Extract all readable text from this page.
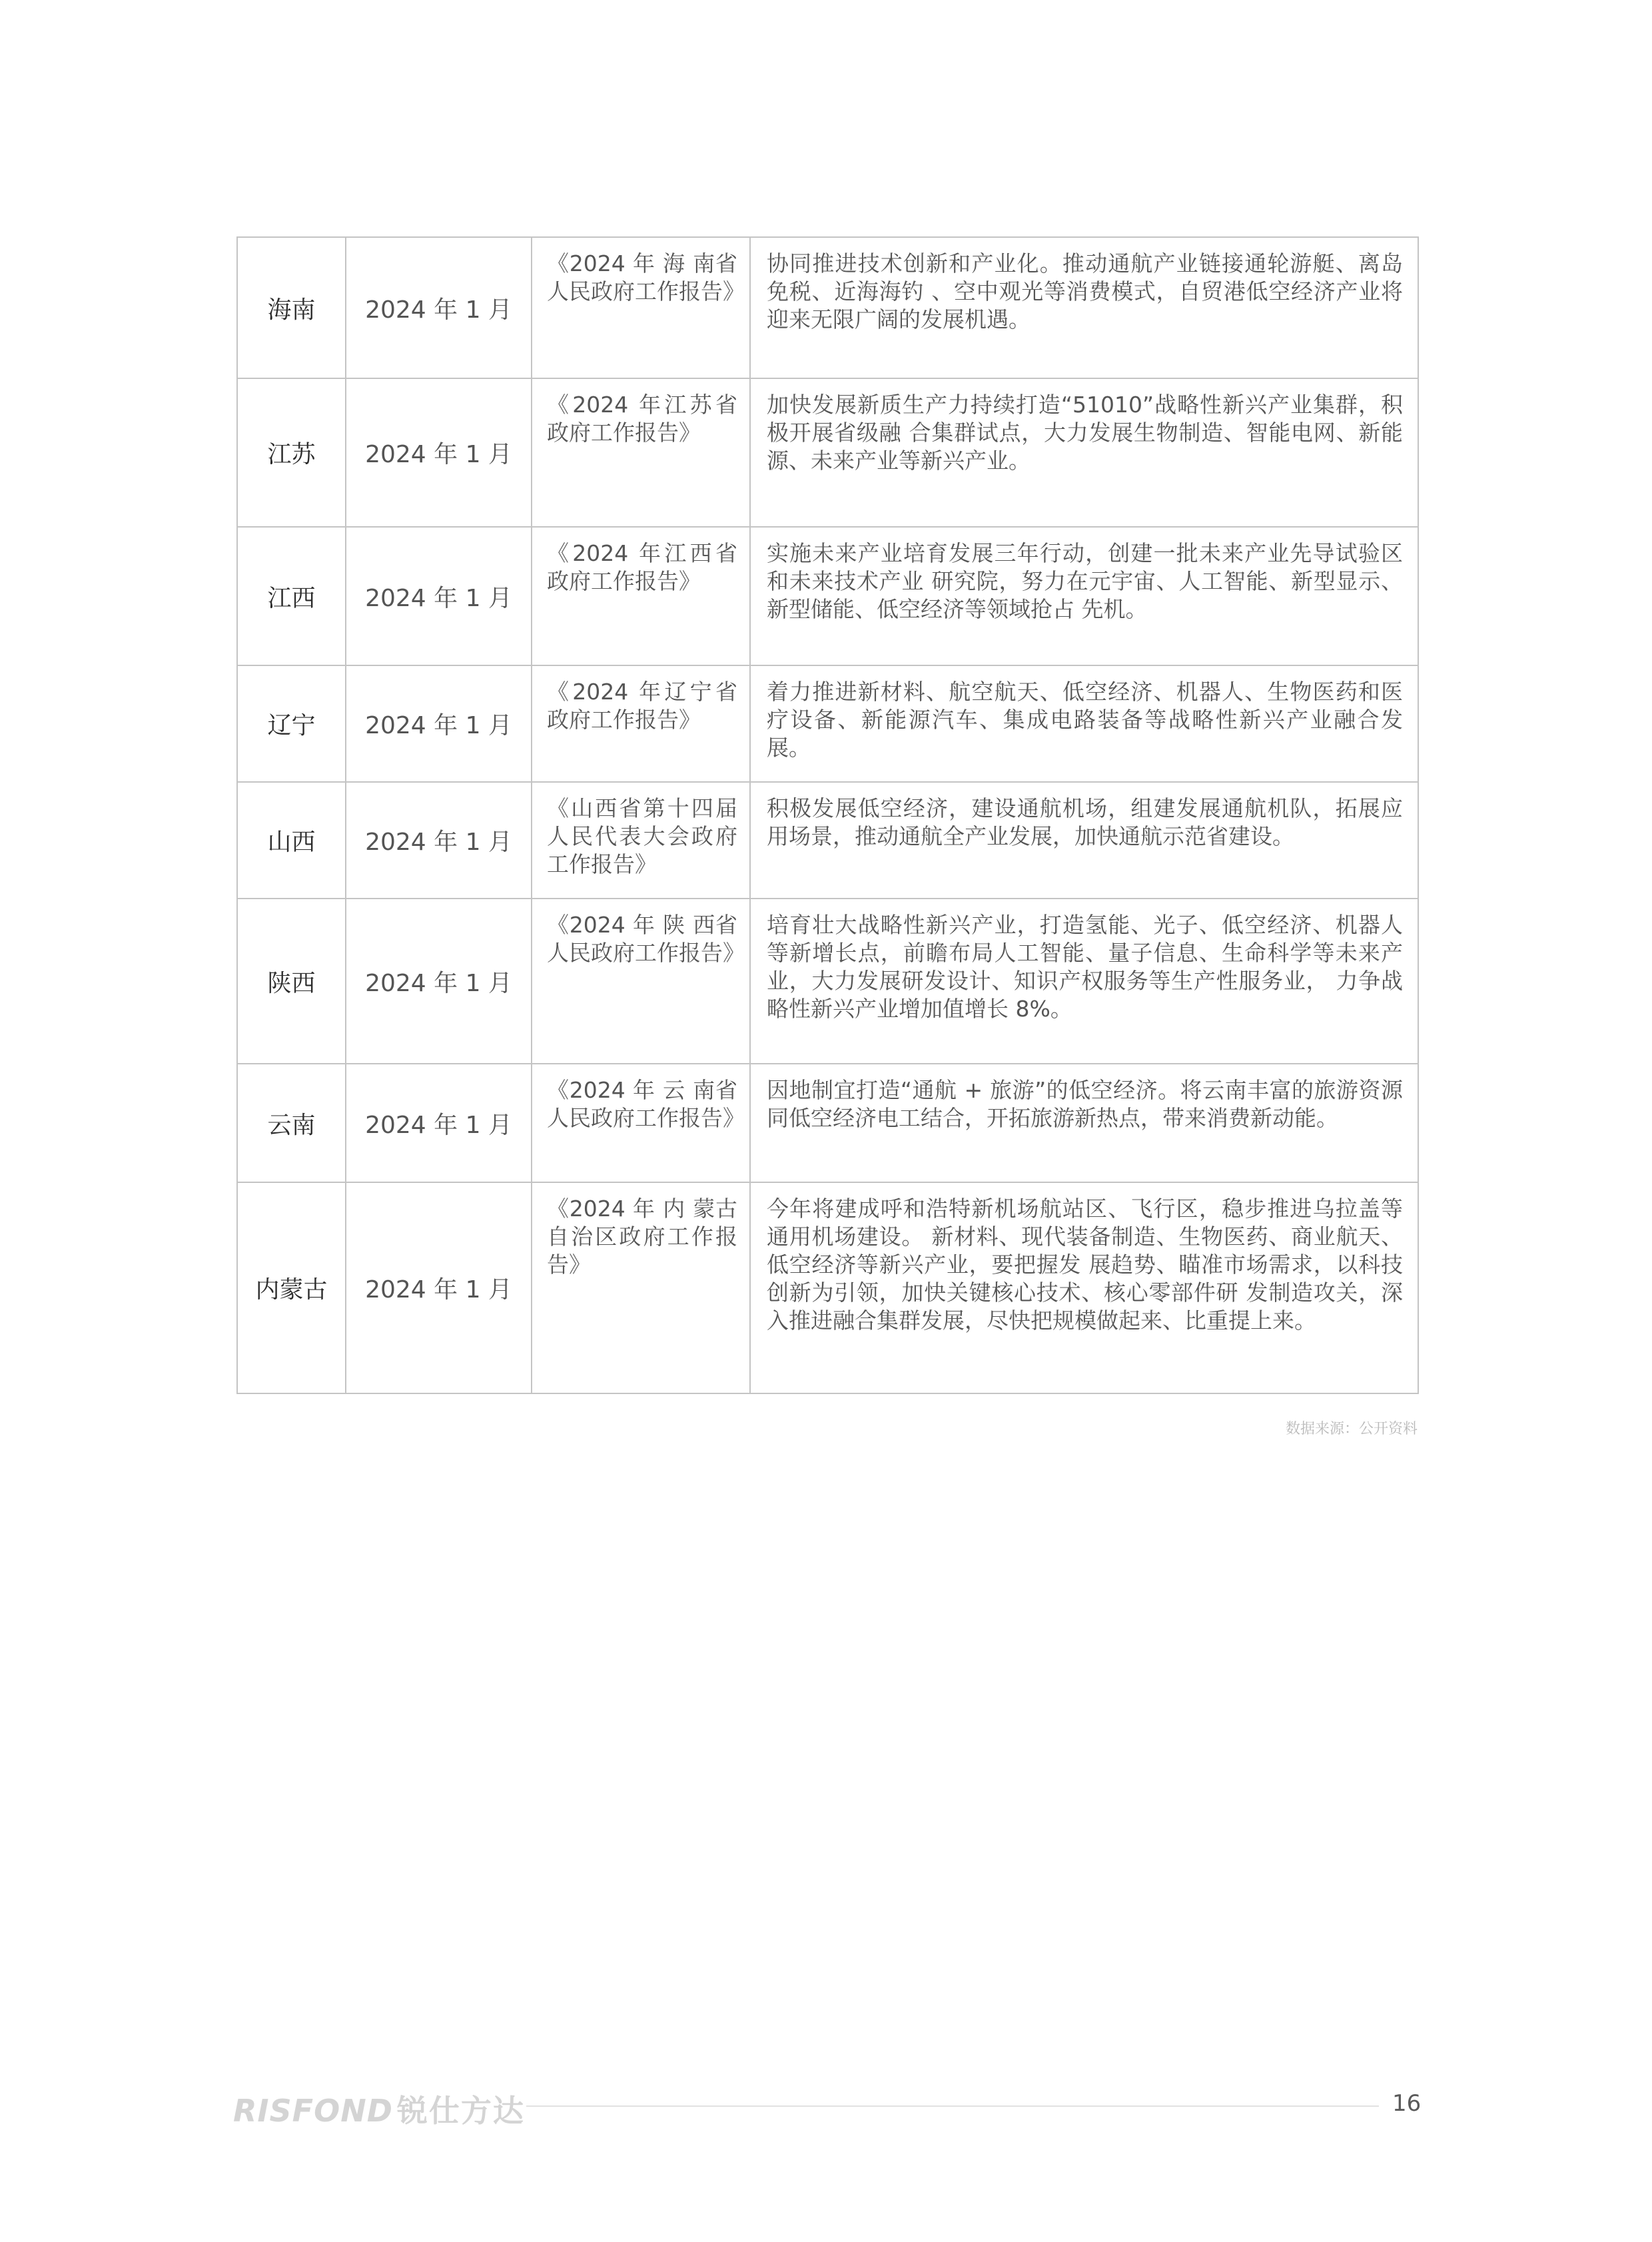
海南	2024 年 1 月	《2024 年 海 南省人民政府工作报告》	协同推进技术创新和产业化。推动通航产业链接通轮游艇、离岛免税、近海海钓 、空中观光等消费模式，自贸港低空经济产业将迎来无限广阔的发展机遇。
江苏	2024 年 1 月	《2024 年江苏省政府工作报告》	加快发展新质生产力持续打造“51010”战略性新兴产业集群，积极开展省级融 合集群试点，大力发展生物制造、智能电网、新能源、未来产业等新兴产业。
江西	2024 年 1 月	《2024 年江西省政府工作报告》	实施未来产业培育发展三年行动，创建一批未来产业先导试验区和未来技术产业 研究院，努力在元宇宙、人工智能、新型显示、新型储能、低空经济等领域抢占 先机。
辽宁	2024 年 1 月	《2024 年辽宁省政府工作报告》	着力推进新材料、航空航天、低空经济、机器人、生物医药和医疗设备、新能源汽车、集成电路装备等战略性新兴产业融合发展。
山西	2024 年 1 月	《山西省第十四届人民代表大会政府工作报告》	积极发展低空经济，建设通航机场，组建发展通航机队，拓展应用场景，推动通航全产业发展，加快通航示范省建设。
陕西	2024 年 1 月	《2024 年 陕 西省人民政府工作报告》	培育壮大战略性新兴产业，打造氢能、光子、低空经济、机器人等新增长点，前瞻布局人工智能、量子信息、生命科学等未来产业，大力发展研发设计、知识产权服务等生产性服务业， 力争战略性新兴产业增加值增长 8%。
云南	2024 年 1 月	《2024 年 云 南省人民政府工作报告》	因地制宜打造“通航 + 旅游”的低空经济。将云南丰富的旅游资源同低空经济电工结合，开拓旅游新热点，带来消费新动能。
内蒙古	2024 年 1 月	《2024 年 内 蒙古自治区政府工作报告》	今年将建成呼和浩特新机场航站区、飞行区，稳步推进乌拉盖等通用机场建设。 新材料、现代装备制造、生物医药、商业航天、低空经济等新兴产业，要把握发 展趋势、瞄准市场需求，以科技创新为引领，加快关键核心技术、核心零部件研 发制造攻关，深入推进融合集群发展，尽快把规模做起来、比重提上来。
数据来源：公开资料
RISFOND 锐仕方达	16
